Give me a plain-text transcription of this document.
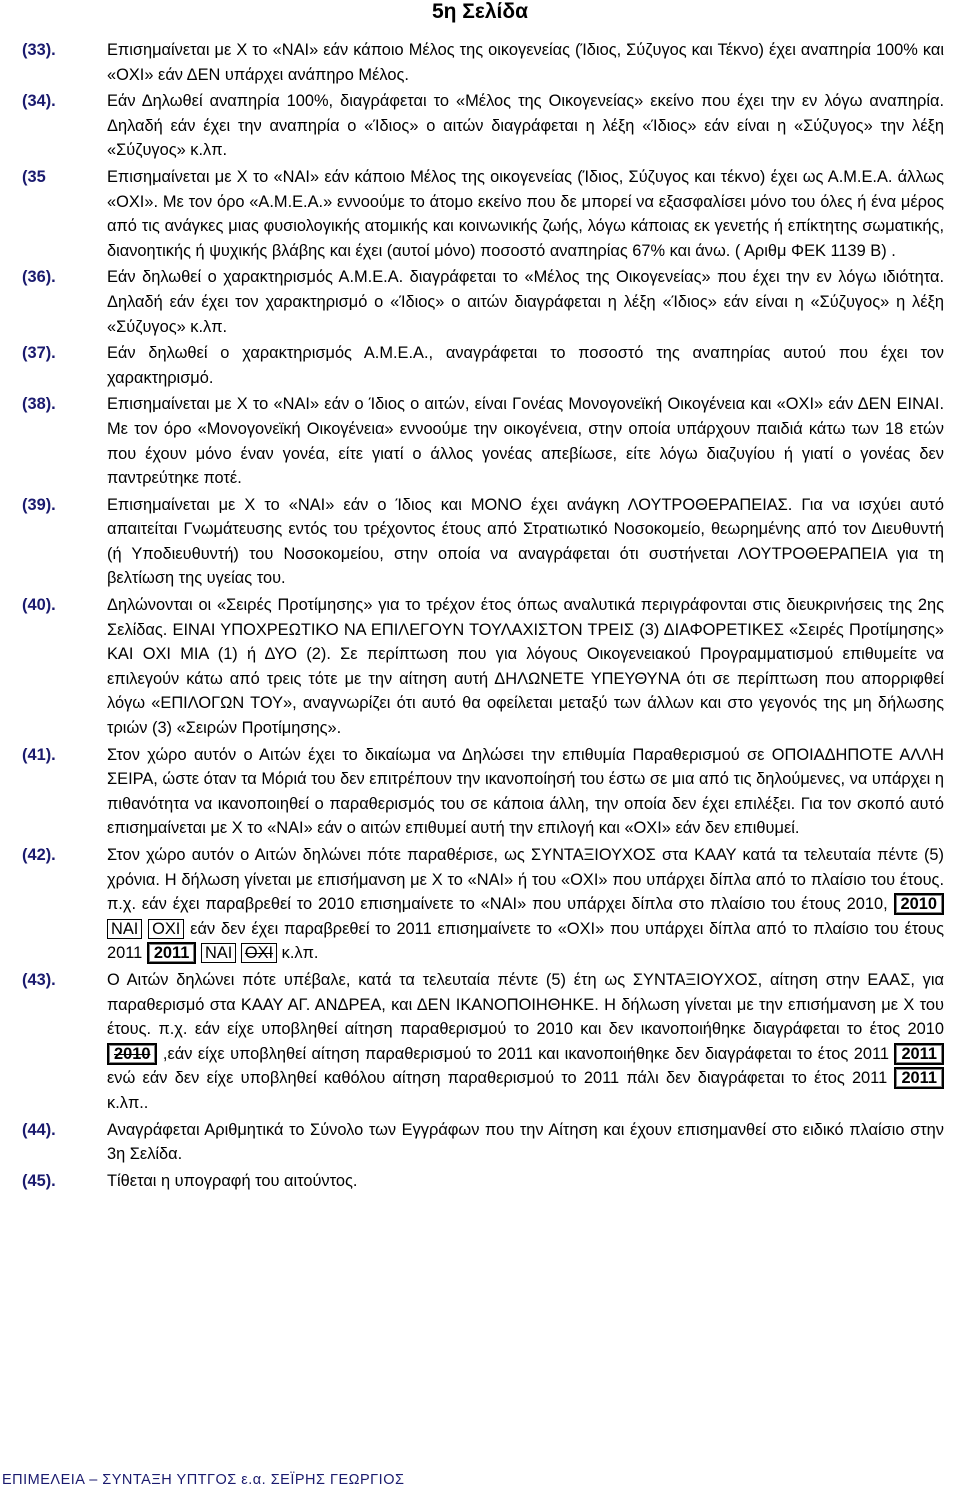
5η Σελίδα
(33).	Επισημαίνεται με Χ το «ΝΑΙ» εάν κάποιο Μέλος της οικογενείας (Ίδιος, Σύζυγος και Τέκνο) έχει αναπηρία 100% και «ΟΧΙ» εάν ΔΕΝ υπάρχει ανάπηρο Μέλος.
(34).	Εάν Δηλωθεί αναπηρία 100%, διαγράφεται το «Μέλος της Οικογενείας» εκείνο που έχει την εν λόγω αναπηρία. Δηλαδή εάν έχει την αναπηρία ο «Ίδιος» ο αιτών διαγράφεται η λέξη «Ίδιος» εάν είναι η «Σύζυγος» την λέξη «Σύζυγος» κ.λπ.
(35	Επισημαίνεται με Χ το «ΝΑΙ» εάν κάποιο Μέλος της οικογενείας (Ίδιος, Σύζυγος και τέκνο) έχει ως Α.Μ.Ε.Α. άλλως «ΟΧΙ». Με τον όρο «Α.Μ.Ε.Α.» εννοούμε το άτομο εκείνο που δε μπορεί να εξασφαλίσει μόνο του όλες ή ένα μέρος από τις ανάγκες μιας φυσιολογικής ατομικής και κοινωνικής ζωής, λόγω κάποιας εκ γενετής ή επίκτητης σωματικής, διανοητικής ή ψυχικής βλάβης και έχει (αυτοί μόνο) ποσοστό αναπηρίας 67% και άνω. ( Αριθμ ΦΕΚ 1139 Β) .
(36).	Εάν δηλωθεί ο χαρακτηρισμός Α.Μ.Ε.Α. διαγράφεται το «Μέλος της Οικογενείας» που έχει την εν λόγω ιδιότητα. Δηλαδή εάν έχει τον χαρακτηρισμό ο «Ίδιος» ο αιτών διαγράφεται η λέξη «Ίδιος» εάν είναι η «Σύζυγος» η λέξη «Σύζυγος» κ.λπ.
(37).	Εάν δηλωθεί ο χαρακτηρισμός Α.Μ.Ε.Α., αναγράφεται το ποσοστό της αναπηρίας αυτού που έχει τον χαρακτηρισμό.
(38).	Επισημαίνεται με Χ το «ΝΑΙ» εάν ο Ίδιος ο αιτών, είναι Γονέας Μονογονεϊκή Οικογένεια και «ΟΧΙ» εάν ΔΕΝ ΕΙΝΑΙ. Με τον όρο «Μονογονεϊκή Οικογένεια» εννοούμε την οικογένεια, στην οποία υπάρχουν παιδιά κάτω των 18 ετών που έχουν μόνο έναν γονέα, είτε γιατί ο άλλος γονέας απεβίωσε, είτε λόγω διαζυγίου ή γιατί ο γονέας δεν παντρεύτηκε ποτέ.
(39).	Επισημαίνεται με Χ το «ΝΑΙ» εάν ο Ίδιος και ΜΟΝΟ έχει ανάγκη ΛΟΥΤΡΟΘΕΡΑΠΕΙΑΣ. Για να ισχύει αυτό απαιτείται Γνωμάτευσης εντός του τρέχοντος έτους από Στρατιωτικό Νοσοκομείο, θεωρημένης από τον Διευθυντή (ή Υποδιευθυντή) του Νοσοκομείου, στην οποία να αναγράφεται ότι συστήνεται ΛΟΥΤΡΟΘΕΡΑΠΕΙΑ για τη βελτίωση της υγείας του.
(40).	Δηλώνονται οι «Σειρές Προτίμησης» για το τρέχον έτος όπως αναλυτικά περιγράφονται στις διευκρινήσεις της 2ης Σελίδας. ΕΙΝΑΙ ΥΠΟΧΡΕΩΤΙΚΟ ΝΑ ΕΠΙΛΕΓΟΥΝ ΤΟΥΛΑΧΙΣΤΟΝ ΤΡΕΙΣ (3) ΔΙΑΦΟΡΕΤΙΚΕΣ «Σειρές Προτίμησης» ΚΑΙ ΟΧΙ ΜΙΑ (1) ή ΔΥΟ (2). Σε περίπτωση που για λόγους Οικογενειακού Προγραμματισμού επιθυμείτε να επιλεγούν κάτω από τρεις τότε με την αίτηση αυτή ΔΗΛΩΝΕΤΕ ΥΠΕΥΘΥΝΑ ότι σε περίπτωση που απορριφθεί λόγω «ΕΠΙΛΟΓΩΝ ΤΟΥ», αναγνωρίζει ότι αυτό θα οφείλεται μεταξύ των άλλων και στο γεγονός της μη δήλωσης τριών (3) «Σειρών Προτίμησης».
(41).	Στον χώρο αυτόν ο Αιτών έχει το δικαίωμα να Δηλώσει την επιθυμία Παραθερισμού σε ΟΠΟΙΑΔΗΠΟΤΕ ΑΛΛΗ ΣΕΙΡΑ, ώστε όταν τα Μόριά του δεν επιτρέπουν την ικανοποίησή του έστω σε μια από τις δηλούμενες, να υπάρχει η πιθανότητα να ικανοποιηθεί ο παραθερισμός του σε κάποια άλλη, την οποία δεν έχει επιλέξει. Για τον σκοπό αυτό επισημαίνεται με Χ το «ΝΑΙ» εάν ο αιτών επιθυμεί αυτή την επιλογή και «ΟΧΙ» εάν δεν επιθυμεί.
(42).	Στον χώρο αυτόν ο Αιτών δηλώνει πότε παραθέρισε, ως ΣΥΝΤΑΞΙΟΥΧΟΣ στα ΚΑΑΥ κατά τα τελευταία πέντε (5) χρόνια. Η δήλωση γίνεται με επισήμανση με Χ το «ΝΑΙ» ή του «ΟΧΙ» που υπάρχει δίπλα από το πλαίσιο του έτους. π.χ. εάν έχει παραβρεθεί το 2010 επισημαίνετε το «ΝΑΙ» που υπάρχει δίπλα στο πλαίσιο του έτους 2010, 2010 ΝΑΙ ΟΧΙ εάν δεν έχει παραβρεθεί το 2011 επισημαίνετε το «ΟΧΙ» που υπάρχει δίπλα από το πλαίσιο του έτους 2011 2011 ΝΑΙ ΟΧΙ κ.λπ.
(43).	Ο Αιτών δηλώνει πότε υπέβαλε, κατά τα τελευταία πέντε (5) έτη ως ΣΥΝΤΑΞΙΟΥΧΟΣ, αίτηση στην ΕΑΑΣ, για παραθερισμό στα ΚΑΑΥ ΑΓ. ΑΝΔΡΕΑ, και ΔΕΝ ΙΚΑΝΟΠΟΙΗΘΗΚΕ. Η δήλωση γίνεται με την επισήμανση με Χ του έτους. π.χ. εάν είχε υποβληθεί αίτηση παραθερισμού το 2010 και δεν ικανοποιήθηκε διαγράφεται το έτος 2010 2010 ,εάν είχε υποβληθεί αίτηση παραθερισμού το 2011 και ικανοποιήθηκε δεν διαγράφεται το έτος 2011 2011 ενώ εάν δεν είχε υποβληθεί καθόλου αίτηση παραθερισμού το 2011 πάλι δεν διαγράφεται το έτος 2011 2011 κ.λπ..
(44).	Αναγράφεται Αριθμητικά το Σύνολο των Εγγράφων που την Αίτηση και έχουν επισημανθεί στο ειδικό πλαίσιο στην 3η Σελίδα.
(45).	Τίθεται η υπογραφή του αιτούντος.
ΕΠΙΜΕΛΕΙΑ – ΣΥΝΤΑΞΗ ΥΠΤΓΟΣ ε.α. ΣΕΪΡΗΣ ΓΕΩΡΓΙΟΣ
